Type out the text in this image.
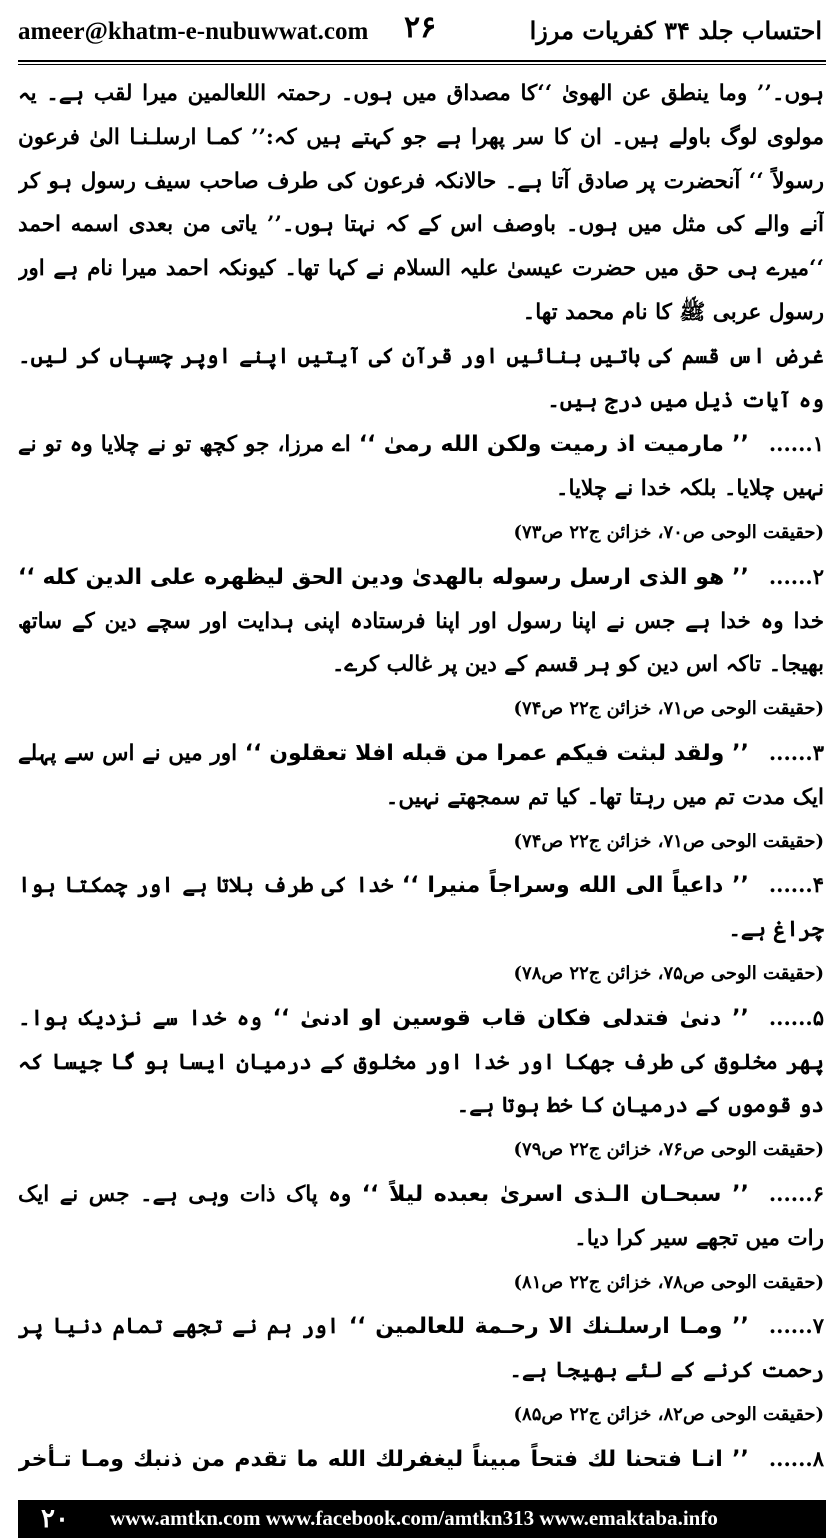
ameer@khatm-e-nubuwwat.com ۲۶	احتساب جلد ۳۴ کفریات مرزا

ہوں۔’’ وما ينطق عن الهوىٰ ‘‘کا مصداق میں ہوں۔ رحمتہ اللعالمین میرا لقب ہے۔ یہ مولوی لوگ باولے ہیں۔ ان کا سر پھرا ہے جو کہتے ہیں کہ:’’ كمـا ارسلـنـا الىٰ فرعون رسولاً ‘‘ آنحضرت پر صادق آتا ہے۔ حالانکہ فرعون کی طرف صاحب سیف رسول ہو کر آنے والے کی مثل میں ہوں۔ باوصف اس کے کہ نہتا ہوں۔’’ ياتى من بعدى اسمه احمد ‘‘میرے ہی حق میں حضرت عیسیٰ علیہ السلام نے کہا تھا۔ کیونکہ احمد میرا نام ہے اور رسول عربی ﷺ کا نام محمد تھا۔

غرض اس قسم کی باتیں بنائیں اور قرآن کی آیتیں اپنے اوپر چسپاں کر لیں۔ وہ آیات ذیل میں درج ہیں۔

۱......’’ مارميت اذ رميت ولكن الله رمىٰ ‘‘ اے مرزا، جو کچھ تو نے چلایا وہ تو نے نہیں چلایا۔ بلکہ خدا نے چلایا۔
(حقیقت الوحی ص۷۰، خزائن ج۲۲ ص۷۳)
۲......’’ هو الذى ارسل رسوله بالهدىٰ ودين الحق ليظهره على الدين كله ‘‘ خدا وہ خدا ہے جس نے اپنا رسول اور اپنا فرستادہ اپنی ہدایت اور سچے دین کے ساتھ بھیجا۔ تاکہ اس دین کو ہر قسم کے دین پر غالب کرے۔
(حقیقت الوحی ص۷۱، خزائن ج۲۲ ص۷۴)
۳......’’ ولقد لبثت فيكم عمرا من قبله افلا تعقلون ‘‘ اور میں نے اس سے پہلے ایک مدت تم میں رہتا تھا۔ کیا تم سمجھتے نہیں۔
(حقیقت الوحی ص۷۱، خزائن ج۲۲ ص۷۴)
۴......’’ داعياً الى الله وسراجاً منيرا ‘‘ خدا کی طرف بلاتا ہے اور چمکتا ہوا چراغ ہے۔
(حقیقت الوحی ص۷۵، خزائن ج۲۲ ص۷۸)
۵......’’ دنىٰ فتدلى فكان قاب قوسين او ادنىٰ ‘‘ وہ خدا سے نزدیک ہوا۔ پھر مخلوق کی طرف جھکا اور خدا اور مخلوق کے درمیان ایسا ہو گا جیسا کہ دو قوموں کے درمیان کا خط ہوتا ہے۔
(حقیقت الوحی ص۷۶، خزائن ج۲۲ ص۷۹)
۶......’’ سبحـان الـذى اسرىٰ بعبده ليلاً ‘‘ وہ پاک ذات وہی ہے۔ جس نے ایک رات میں تجھے سیر کرا دیا۔
(حقیقت الوحی ص۷۸، خزائن ج۲۲ ص۸۱)
۷......’’ ومـا ارسلـنك الا رحـمة للعالمين ‘‘ اور ہم نے تجھے تمام دنیا پر رحمت کرنے کے لئے بھیجا ہے۔
(حقیقت الوحی ص۸۲، خزائن ج۲۲ ص۸۵)
۸......’’ انـا فتحنا لك فتحاً مبيناً ليغفرلك الله ما تقدم من ذنبك ومـا تـأخر
۲۰	www.amtkn.com www.facebook.com/amtkn313 www.emaktaba.info
